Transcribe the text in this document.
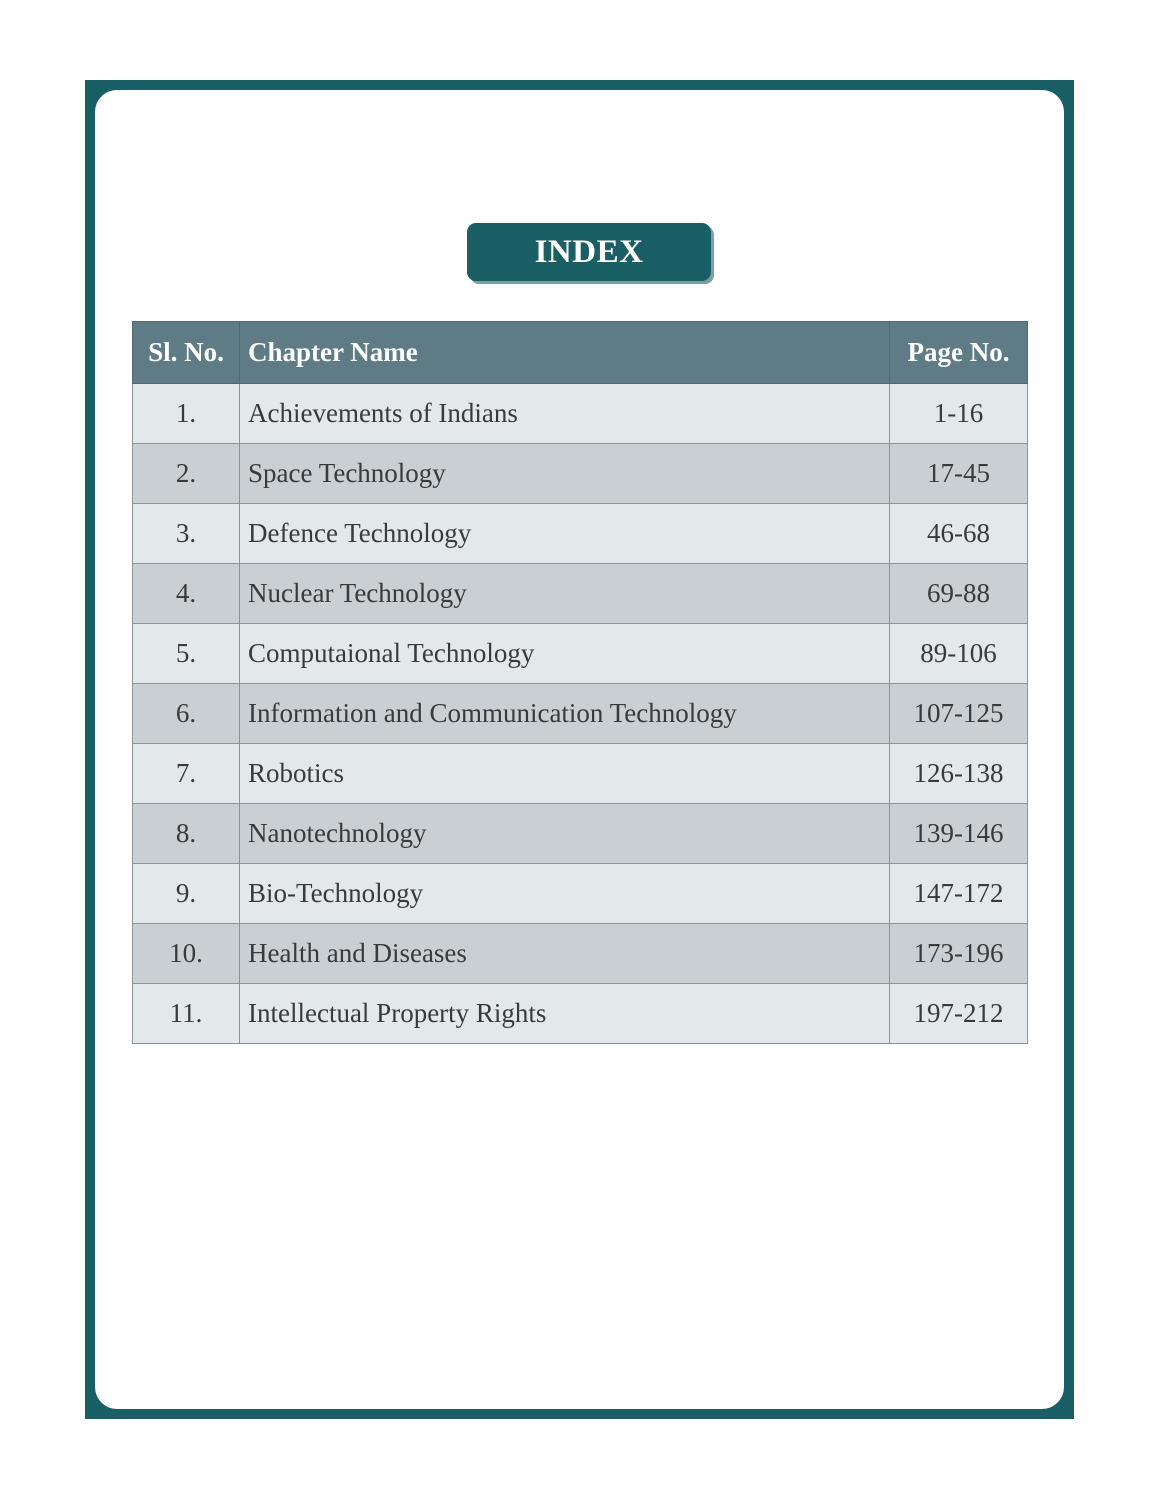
INDEX
Sl. No.	Chapter Name	Page No.
1.	Achievements of Indians	1-16
2.	Space Technology	17-45
3.	Defence Technology	46-68
4.	Nuclear Technology	69-88
5.	Computaional Technology	89-106
6.	Information and Communication Technology	107-125
7.	Robotics	126-138
8.	Nanotechnology	139-146
9.	Bio-Technology	147-172
10.	Health and Diseases	173-196
11.	Intellectual Property Rights	197-212
